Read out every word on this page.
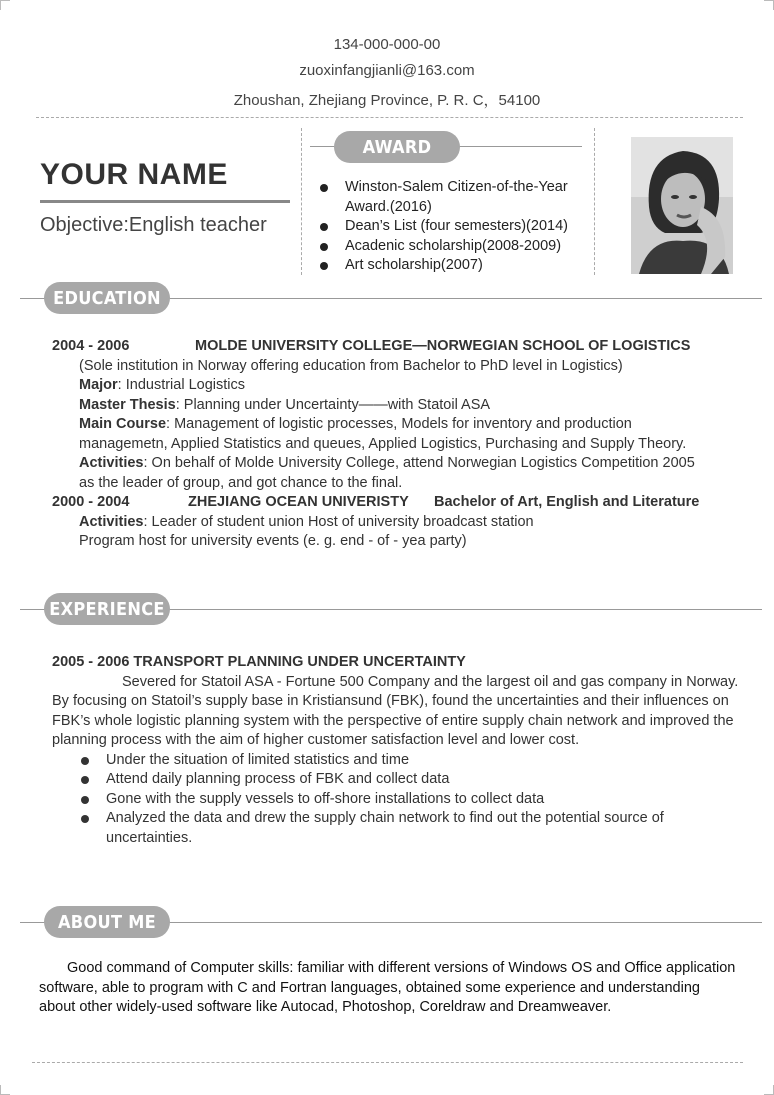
134-000-000-00
zuoxinfangjianli@163.com
Zhoushan, Zhejiang Province, P. R. C，54100
YOUR NAME
Objective:English teacher
AWARD
Winston-Salem Citizen-of-the-Year Award.(2016)
Dean’s List (four semesters)(2014)
Acadenic scholarship(2008-2009)
Art scholarship(2007)
EDUCATION
2004 - 2006	MOLDE UNIVERSITY COLLEGE—NORWEGIAN SCHOOL OF LOGISTICS
(Sole institution in Norway offering education from Bachelor to PhD level in Logistics)
Major: Industrial Logistics
Master Thesis: Planning under Uncertainty——with Statoil ASA
Main Course: Management of logistic processes, Models for inventory and production
managemetn, Applied Statistics and queues, Applied Logistics, Purchasing and Supply Theory.
Activities: On behalf of Molde University College, attend Norwegian Logistics Competition 2005
as the leader of group, and got chance to the final.
2000 - 2004	ZHEJIANG OCEAN UNIVERISTY Bachelor of Art, English and Literature
Activities: Leader of student union Host of university broadcast station
Program host for university events (e. g. end - of - yea party)
EXPERIENCE
2005 - 2006 TRANSPORT PLANNING UNDER UNCERTAINTY
Severed for Statoil ASA - Fortune 500 Company and the largest oil and gas company in Norway. By focusing on Statoil’s supply base in Kristiansund (FBK), found the uncertainties and their influences on FBK’s whole logistic planning system with the perspective of entire supply chain network and improved the planning process with the aim of higher customer satisfaction level and lower cost.
Under the situation of limited statistics and time
Attend daily planning process of FBK and collect data
Gone with the supply vessels to off-shore installations to collect data
Analyzed the data and drew the supply chain network to find out the potential source of uncertainties.
ABOUT ME
Good command of Computer skills: familiar with different versions of Windows OS and Office application software, able to program with C and Fortran languages, obtained some experience and understanding about other widely-used software like Autocad, Photoshop, Coreldraw and Dreamweaver.
